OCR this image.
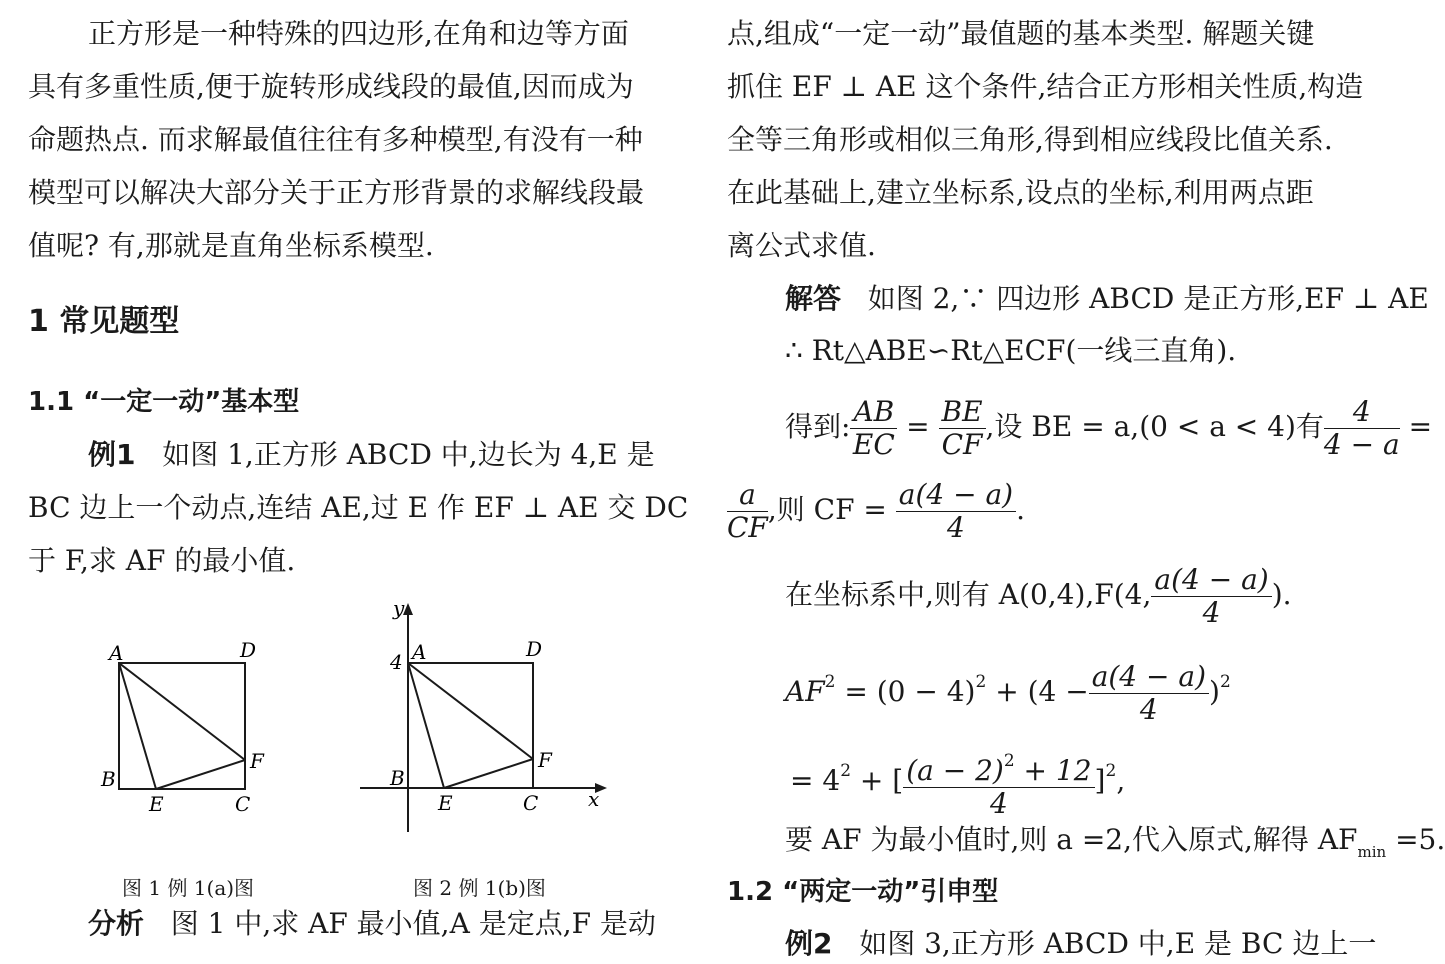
正方形是一种特殊的四边形,在角和边等方面
具有多重性质,便于旋转形成线段的最值,因而成为
命题热点. 而求解最值往往有多种模型,有没有一种
模型可以解决大部分关于正方形背景的求解线段最
值呢? 有,那就是直角坐标系模型.
1 常见题型
1.1 “一定一动”基本型
例1 如图 1,正方形 ABCD 中,边长为 4,E 是
BC 边上一个动点,连结 AE,过 E 作 EF ⊥ AE 交 DC
于 F,求 AF 的最小值.
A	D
B
E	C
F
图 1 例 1(a)图
y
4 A	D
B
E	C
F
x
图 2 例 1(b)图
分析 图 1 中,求 AF 最小值,A 是定点,F 是动
点,组成“一定一动”最值题的基本类型. 解题关键
抓住 EF ⊥ AE 这个条件,结合正方形相关性质,构造
全等三角形或相似三角形,得到相应线段比值关系.
在此基础上,建立坐标系,设点的坐标,利用两点距
离公式求值.
解答 如图 2,∵ 四边形 ABCD 是正方形,EF ⊥ AE
∴ Rt△ABE∽Rt△ECF(一线三直角).
得到: $\frac{AB}{EC} = \frac{BE}{CF}$ ,设 BE = a,(0 < a < 4)有 $\frac{4}{4 - a}$ =
$\frac{a}{CF}$ ,则 CF = $\frac{a(4 - a)}{4}$ .
在坐标系中,则有 A(0,4),F(4, $\frac{a(4 - a)}{4}$ ).
$AF^2 = (0 - 4)^2 + (4 - \frac{a(4 - a)}{4} )^2$
= $4^2$ + [ $\frac{(a - 2)^2 + 12}{4} ]^2$,
要 AF 为最小值时,则 a =2,代入原式,解得 $AF_{min} =5$.
1.2 “两定一动”引申型
例2 如图 3,正方形 ABCD 中,E 是 BC 边上一
